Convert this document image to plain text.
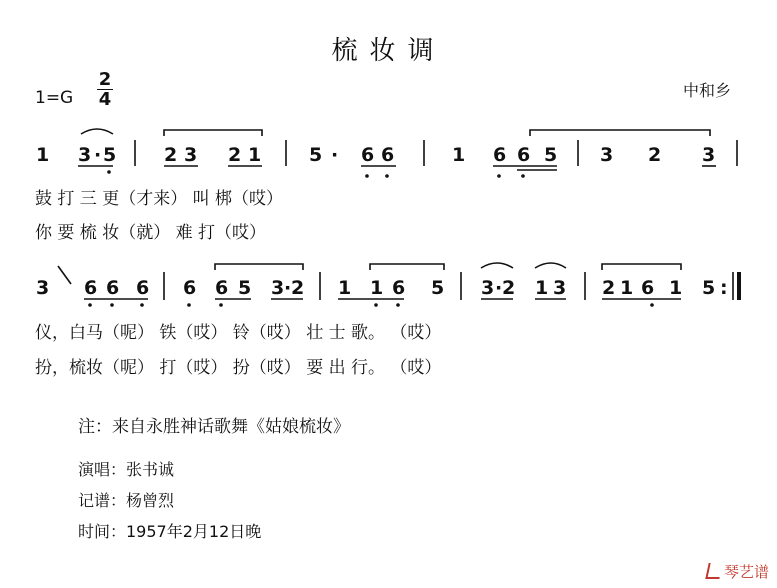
梳妆调
1=G
2
4	中和乡
1 3 · 5	2 3 2 1	5 · 6 6	1 6 6 5 3 2 3
3 6 6 6 6 6 5 3 · 2 1 1 6 5 3 · 2 1 3 2 1 6 1 5 :
鼓 打 三 更（才来） 叫 梆（哎）
你 要 梳 妆（就） 难 打（哎）
仪，白马（呢） 铁（哎） 铃（哎） 壮 士 歌。 （哎）
扮，梳妆（呢） 打（哎） 扮（哎） 要 出 行。 （哎）
注：来自永胜神话歌舞《姑娘梳妆》
演唱：张书诚
记谱：杨曾烈
时间：1957年2月12日晚
琴艺谱
